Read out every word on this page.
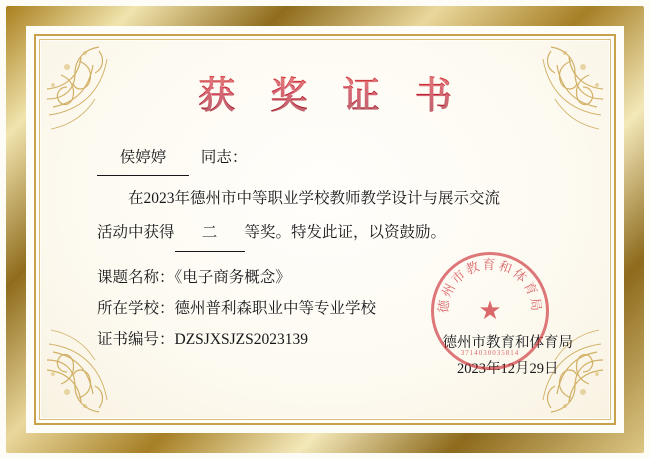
获 奖 证 书
侯婷婷 同志：
在2023年德州市中等职业学校教师教学设计与展示交流
活动中获得 二 等奖。特发此证，以资鼓励。
课题名称：《电子商务概念》
所在学校：德州普利森职业中等专业学校
证书编号：DZSJXSJZS2023139	德州市教育和体育局
2023年12月29日
德州市教育和体育局
★
3714030035814
